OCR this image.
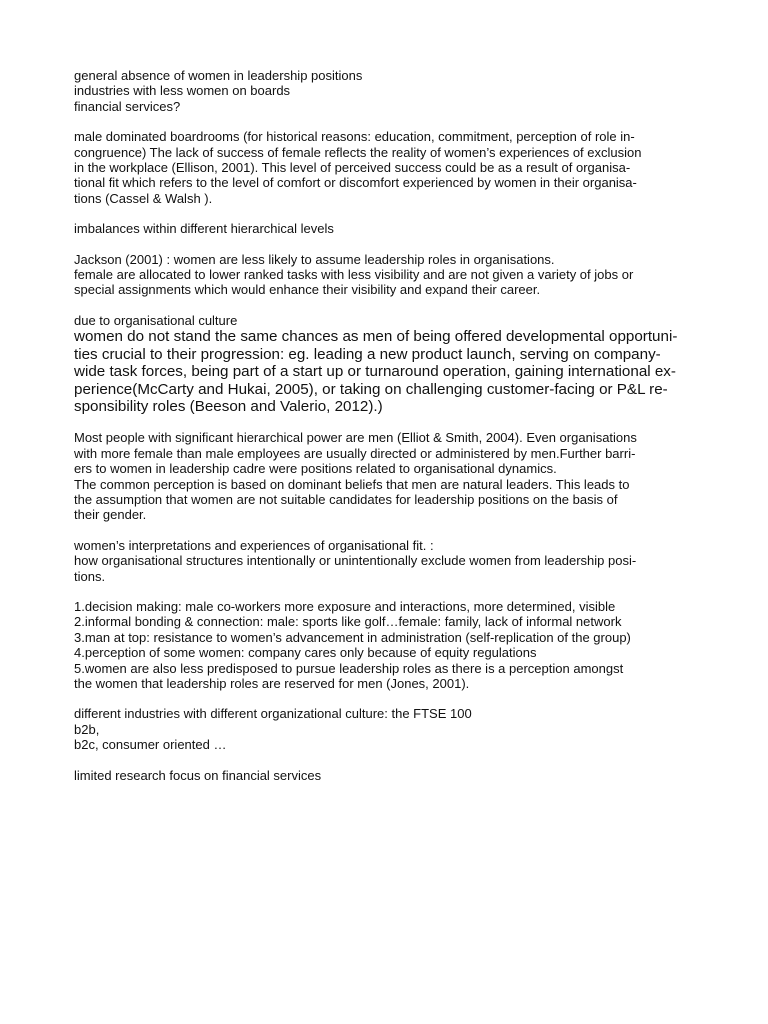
general absence of women in leadership positions
industries with less women on boards
financial services?
male dominated boardrooms (for historical reasons: education, commitment, perception of role in-
congruence) The lack of success of female reflects the reality of women’s experiences of exclusion
in the workplace (Ellison, 2001). This level of perceived success could be as a result of organisa-
tional fit which refers to the level of comfort or discomfort experienced by women in their organisa-
tions (Cassel & Walsh ).
imbalances within different hierarchical levels
Jackson (2001) : women are less likely to assume leadership roles in organisations.
female are allocated to lower ranked tasks with less visibility and are not given a variety of jobs or
special assignments which would enhance their visibility and expand their career.
due to organisational culture
women do not stand the same chances as men of being offered developmental opportuni-
ties crucial to their progression: eg. leading a new product launch, serving on company-
wide task forces, being part of a start up or turnaround operation, gaining international ex-
perience(McCarty and Hukai, 2005), or taking on challenging customer-facing or P&L re-
sponsibility roles (Beeson and Valerio, 2012).)
Most people with significant hierarchical power are men (Elliot & Smith, 2004). Even organisations
with more female than male employees are usually directed or administered by men.Further barri-
ers to women in leadership cadre were positions related to organisational dynamics.
The common perception is based on dominant beliefs that men are natural leaders. This leads to
the assumption that women are not suitable candidates for leadership positions on the basis of
their gender.
women’s interpretations and experiences of organisational fit. :
how organisational structures intentionally or unintentionally exclude women from leadership posi-
tions.
1.decision making: male co-workers more exposure and interactions, more determined, visible
2.informal bonding & connection: male: sports like golf…female: family, lack of informal network
3.man at top: resistance to women’s advancement in administration (self-replication of the group)
4.perception of some women: company cares only because of equity regulations
5.women are also less predisposed to pursue leadership roles as there is a perception amongst
the women that leadership roles are reserved for men (Jones, 2001).
different industries with different organizational culture: the FTSE 100
b2b,
b2c, consumer oriented …
limited research focus on financial services
